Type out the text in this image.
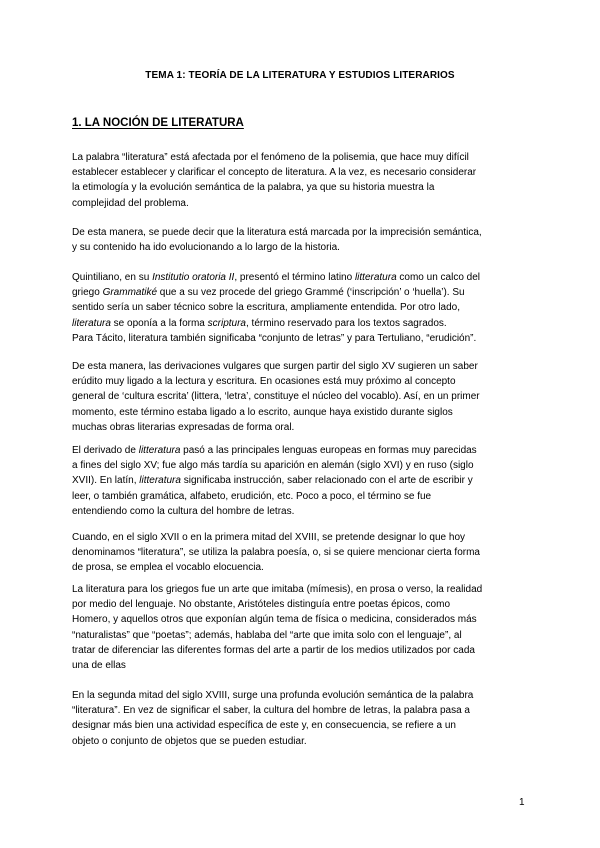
TEMA 1: TEORÍA DE LA LITERATURA Y ESTUDIOS LITERARIOS
1. LA NOCIÓN DE LITERATURA

La palabra “literatura” está afectada por el fenómeno de la polisemia, que hace muy difícil
establecer establecer y clarificar el concepto de literatura. A la vez, es necesario considerar
la etimología y la evolución semántica de la palabra, ya que su historia muestra la
complejidad del problema.

De esta manera, se puede decir que la literatura está marcada por la imprecisión semántica,
y su contenido ha ido evolucionando a lo largo de la historia.

Quintiliano, en su Institutio oratoria II, presentó el término latino litteratura como un calco del
griego Grammatiké que a su vez procede del griego Grammé (‘inscripción’ o ‘huella’). Su
sentido sería un saber técnico sobre la escritura, ampliamente entendida. Por otro lado,
literatura se oponía a la forma scriptura, término reservado para los textos sagrados.
Para Tácito, literatura también significaba “conjunto de letras” y para Tertuliano, “erudición”.

De esta manera, las derivaciones vulgares que surgen partir del siglo XV sugieren un saber
erúdito muy ligado a la lectura y escritura. En ocasiones está muy próximo al concepto
general de ‘cultura escrita’ (littera, ‘letra’, constituye el núcleo del vocablo). Así, en un primer
momento, este término estaba ligado a lo escrito, aunque haya existido durante siglos
muchas obras literarias expresadas de forma oral.

El derivado de litteratura pasó a las principales lenguas europeas en formas muy parecidas
a fines del siglo XV; fue algo más tardía su aparición en alemán (siglo XVI) y en ruso (siglo
XVII). En latín, litteratura significaba instrucción, saber relacionado con el arte de escribir y
leer, o también gramática, alfabeto, erudición, etc. Poco a poco, el término se fue
entendiendo como la cultura del hombre de letras.

Cuando, en el siglo XVII o en la primera mitad del XVIII, se pretende designar lo que hoy
denominamos “literatura”, se utiliza la palabra poesía, o, si se quiere mencionar cierta forma
de prosa, se emplea el vocablo elocuencia.

La literatura para los griegos fue un arte que imitaba (mímesis), en prosa o verso, la realidad
por medio del lenguaje. No obstante, Aristóteles distinguía entre poetas épicos, como
Homero, y aquellos otros que exponían algún tema de física o medicina, considerados más
“naturalistas” que “poetas”; además, hablaba del “arte que imita solo con el lenguaje”, al
tratar de diferenciar las diferentes formas del arte a partir de los medios utilizados por cada
una de ellas

En la segunda mitad del siglo XVIII, surge una profunda evolución semántica de la palabra
“literatura”. En vez de significar el saber, la cultura del hombre de letras, la palabra pasa a
designar más bien una actividad específica de este y, en consecuencia, se refiere a un
objeto o conjunto de objetos que se pueden estudiar.

1
